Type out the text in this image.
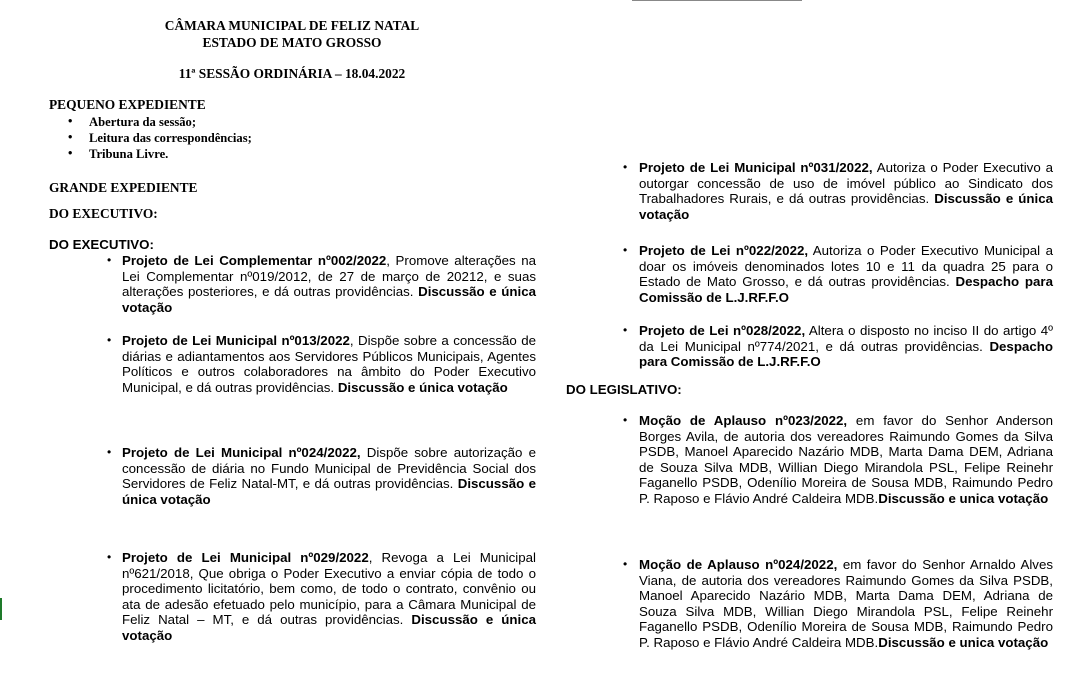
CÂMARA MUNICIPAL DE FELIZ NATAL
ESTADO DE MATO GROSSO
11ª SESSÃO ORDINÁRIA – 18.04.2022
PEQUENO EXPEDIENTE
• Abertura da sessão;
• Leitura das correspondências;
• Tribuna Livre.
GRANDE EXPEDIENTE
DO EXECUTIVO:
DO EXECUTIVO:
• Projeto de Lei Complementar nº002/2022, Promove alterações na Lei Complementar nº019/2012, de 27 de março de 20212, e suas alterações posteriores, e dá outras providências. Discussão e única votação
• Projeto de Lei Municipal nº013/2022, Dispõe sobre a concessão de diárias e adiantamentos aos Servidores Públicos Municipais, Agentes Políticos e outros colaboradores na âmbito do Poder Executivo Municipal, e dá outras providências. Discussão e única votação
• Projeto de Lei Municipal nº024/2022, Dispõe sobre autorização e concessão de diária no Fundo Municipal de Previdência Social dos Servidores de Feliz Natal-MT, e dá outras providências. Discussão e única votação
• Projeto de Lei Municipal nº029/2022, Revoga a Lei Municipal nº621/2018, Que obriga o Poder Executivo a enviar cópia de todo o procedimento licitatório, bem como, de todo o contrato, convênio ou ata de adesão efetuado pelo município, para a Câmara Municipal de Feliz Natal – MT, e dá outras providências. Discussão e única votação
• Projeto de Lei Municipal nº031/2022, Autoriza o Poder Executivo a outorgar concessão de uso de imóvel público ao Sindicato dos Trabalhadores Rurais, e dá outras providências. Discussão e única votação
• Projeto de Lei nº022/2022, Autoriza o Poder Executivo Municipal a doar os imóveis denominados lotes 10 e 11 da quadra 25 para o Estado de Mato Grosso, e dá outras providências. Despacho para Comissão de L.J.RF.F.O
• Projeto de Lei nº028/2022, Altera o disposto no inciso II do artigo 4º da Lei Municipal nº774/2021, e dá outras providências. Despacho para Comissão de L.J.RF.F.O
DO LEGISLATIVO:
• Moção de Aplauso nº023/2022, em favor do Senhor Anderson Borges Avila, de autoria dos vereadores Raimundo Gomes da Silva PSDB, Manoel Aparecido Nazário MDB, Marta Dama DEM, Adriana de Souza Silva MDB, Willian Diego Mirandola PSL, Felipe Reinehr Faganello PSDB, Odenílio Moreira de Sousa MDB, Raimundo Pedro P. Raposo e Flávio André Caldeira MDB.Discussão e unica votação
• Moção de Aplauso nº024/2022, em favor do Senhor Arnaldo Alves Viana, de autoria dos vereadores Raimundo Gomes da Silva PSDB, Manoel Aparecido Nazário MDB, Marta Dama DEM, Adriana de Souza Silva MDB, Willian Diego Mirandola PSL, Felipe Reinehr Faganello PSDB, Odenílio Moreira de Sousa MDB, Raimundo Pedro P. Raposo e Flávio André Caldeira MDB.Discussão e unica votação
